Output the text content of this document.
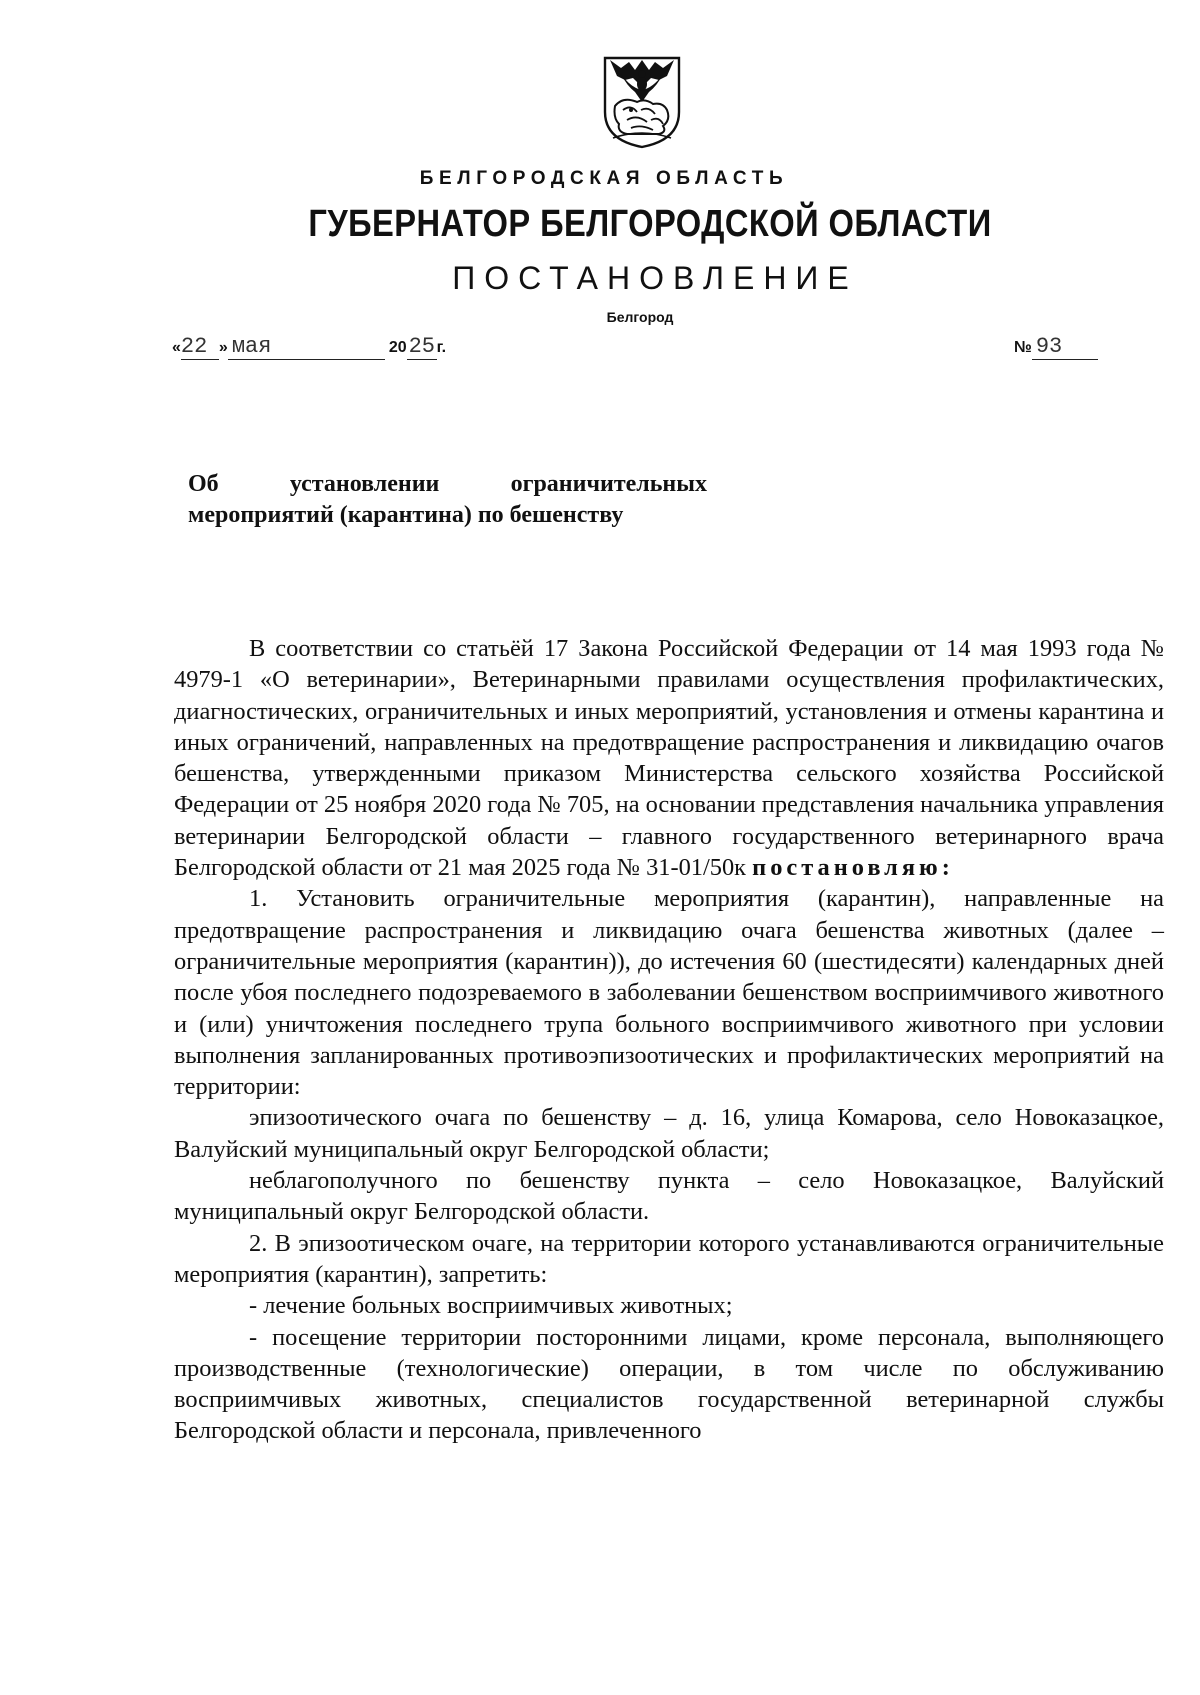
БЕЛГОРОДСКАЯ ОБЛАСТЬ
ГУБЕРНАТОР БЕЛГОРОДСКОЙ ОБЛАСТИ
ПОСТАНОВЛЕНИЕ
Белгород
«22 » мая	2025г.	№ 93
Об	установлении	ограничительных
мероприятий (карантина) по бешенству

В соответствии со статьёй 17 Закона Российской Федерации от 14 мая 1993 года № 4979-1 «О ветеринарии», Ветеринарными правилами осуществления профилактических, диагностических, ограничительных и иных мероприятий, установления и отмены карантина и иных ограничений, направленных на предотвращение распространения и ликвидацию очагов бешенства, утвержденными приказом Министерства сельского хозяйства Российской Федерации от 25 ноября 2020 года № 705, на основании представления начальника управления ветеринарии Белгородской области – главного государственного ветеринарного врача Белгородской области от 21 мая 2025 года № 31-01/50к постановляю:

1. Установить ограничительные мероприятия (карантин), направленные на предотвращение распространения и ликвидацию очага бешенства животных (далее – ограничительные мероприятия (карантин)), до истечения 60 (шестидесяти) календарных дней после убоя последнего подозреваемого в заболевании бешенством восприимчивого животного и (или) уничтожения последнего трупа больного восприимчивого животного при условии выполнения запланированных противоэпизоотических и профилактических мероприятий на территории:

эпизоотического очага по бешенству – д. 16, улица Комарова, село Новоказацкое, Валуйский муниципальный округ Белгородской области;

неблагополучного по бешенству пункта – село Новоказацкое, Валуйский муниципальный округ Белгородской области.

2. В эпизоотическом очаге, на территории которого устанавливаются ограничительные мероприятия (карантин), запретить:

- лечение больных восприимчивых животных;

- посещение территории посторонними лицами, кроме персонала, выполняющего производственные (технологические) операции, в том числе по обслуживанию восприимчивых животных, специалистов государственной ветеринарной службы Белгородской области и персонала, привлеченного
